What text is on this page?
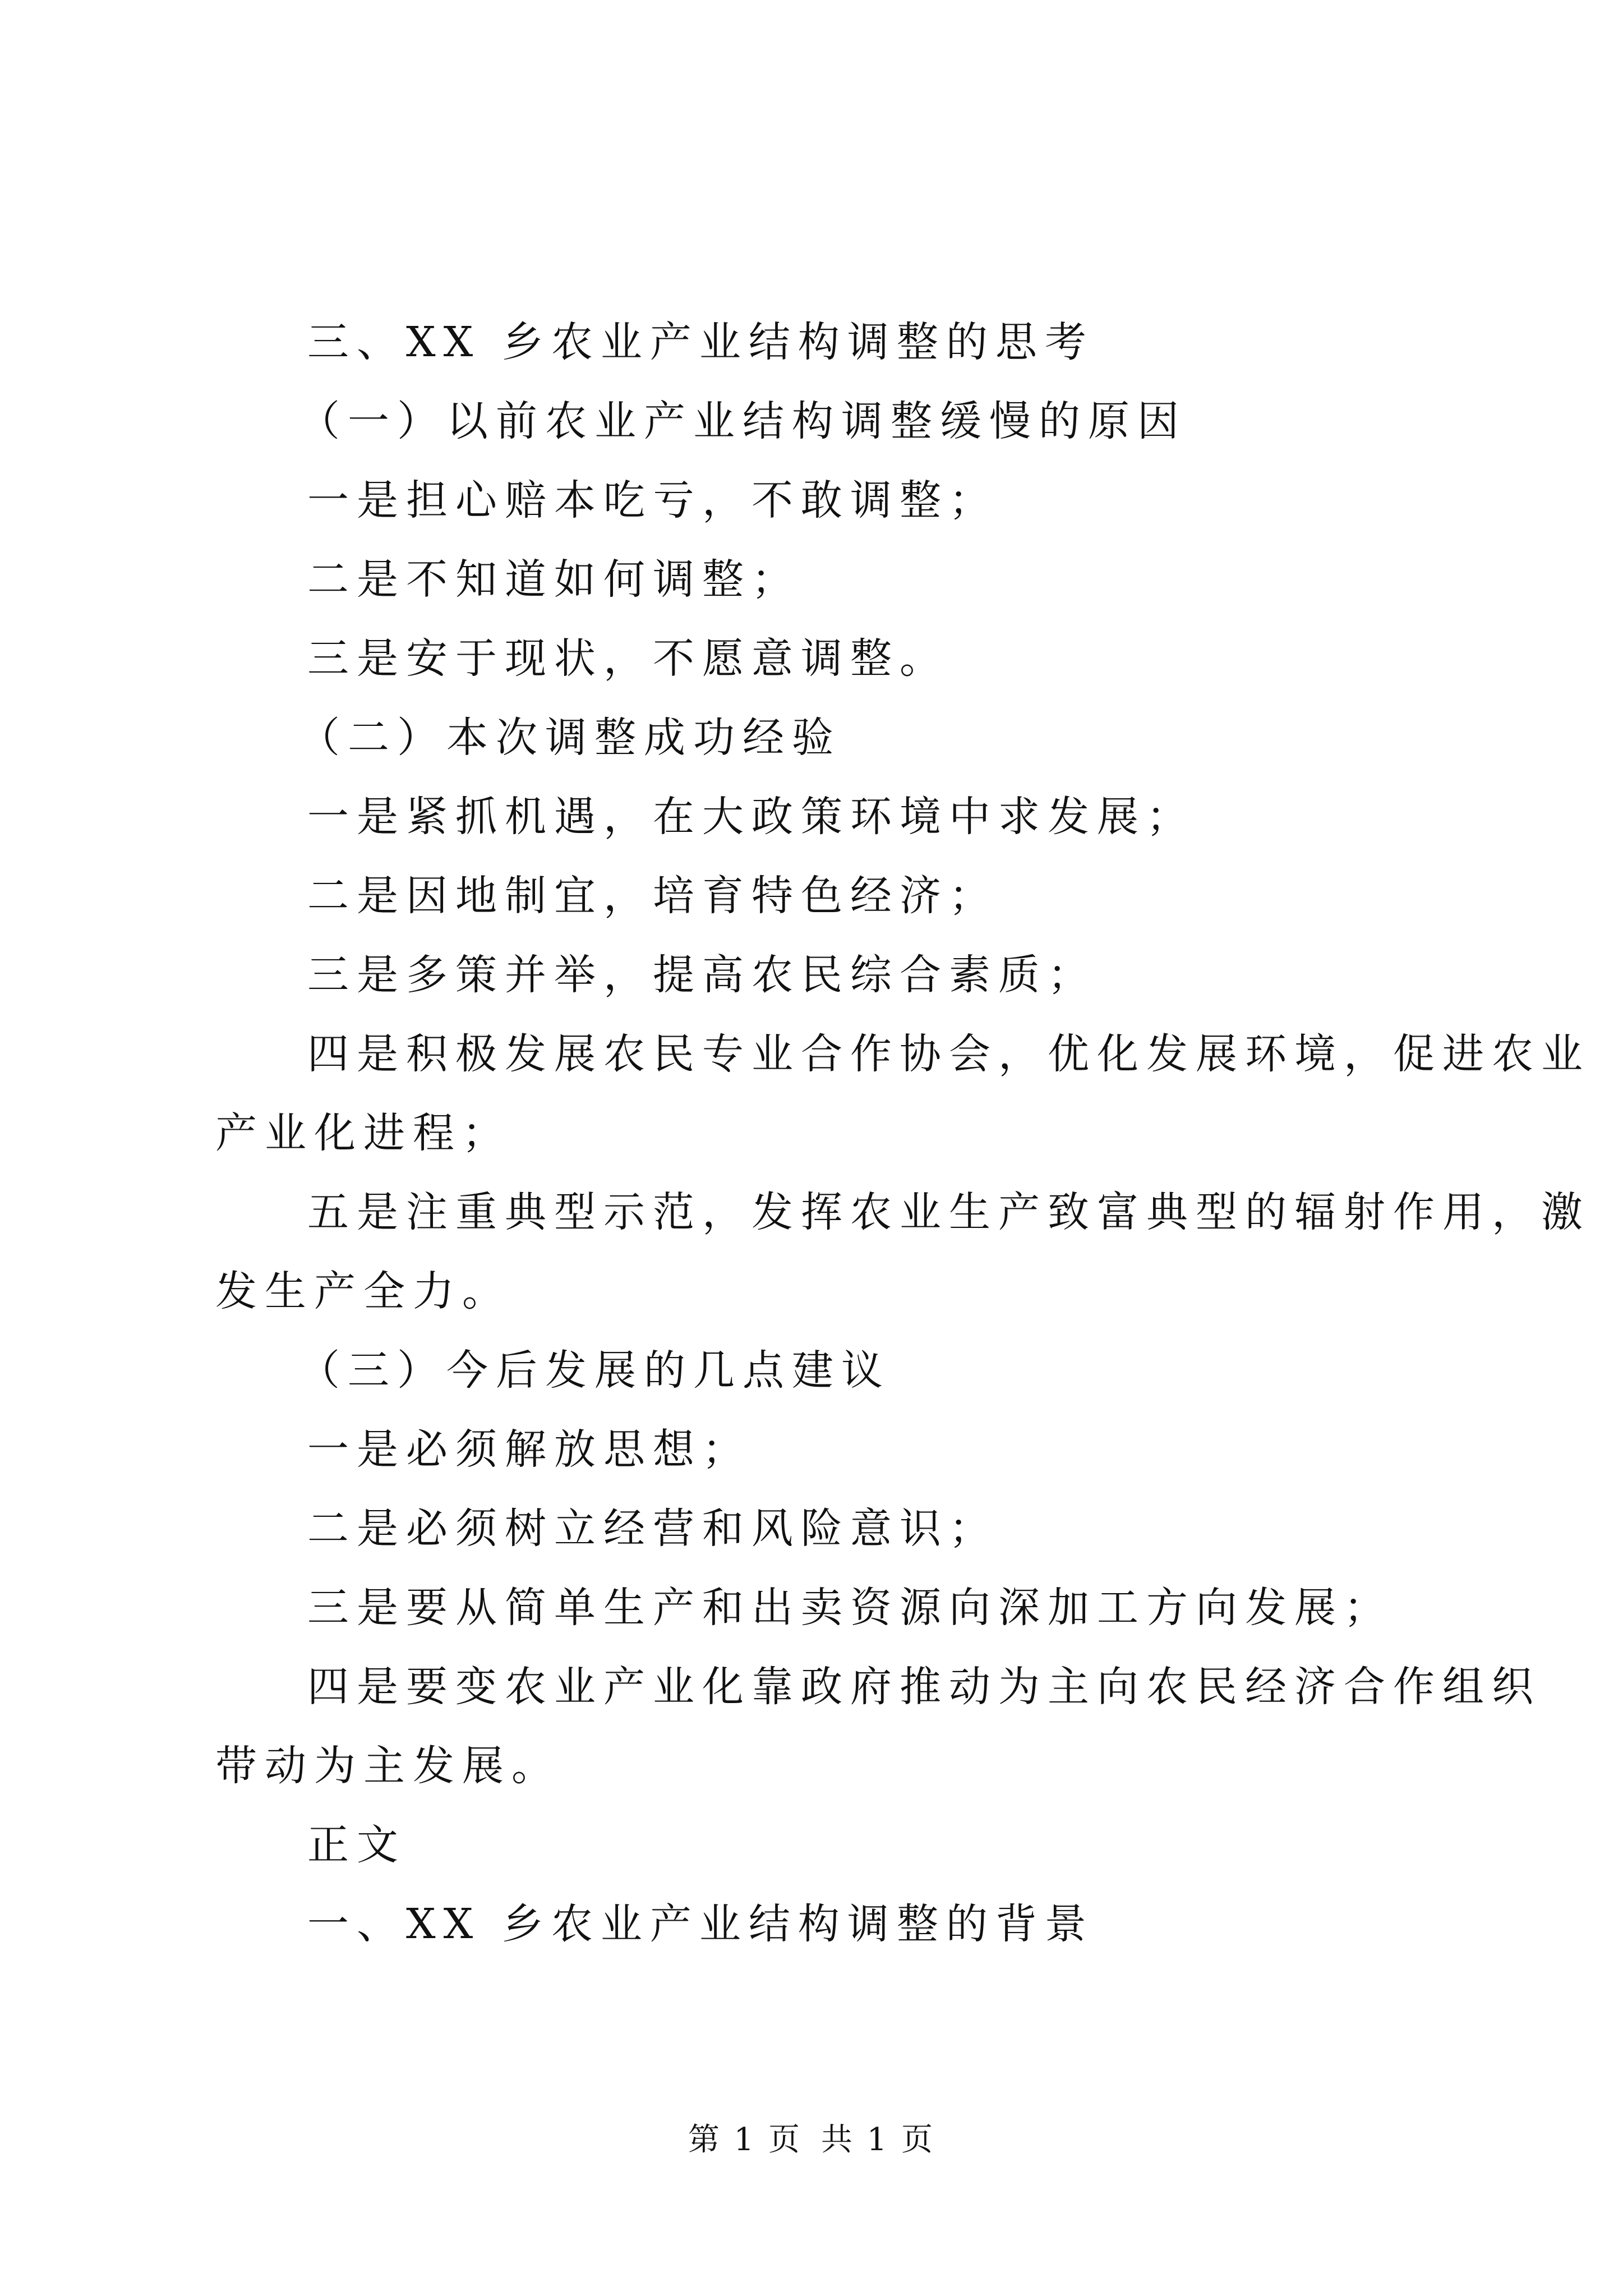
三、XX 乡农业产业结构调整的思考

（一）以前农业产业结构调整缓慢的原因

一是担心赔本吃亏，不敢调整；

二是不知道如何调整；

三是安于现状，不愿意调整。

（二）本次调整成功经验

一是紧抓机遇，在大政策环境中求发展；

二是因地制宜，培育特色经济；

三是多策并举，提高农民综合素质；

四是积极发展农民专业合作协会，优化发展环境，促进农业

产业化进程；

五是注重典型示范，发挥农业生产致富典型的辐射作用，激

发生产全力。

（三）今后发展的几点建议

一是必须解放思想；

二是必须树立经营和风险意识；

三是要从简单生产和出卖资源向深加工方向发展；

四是要变农业产业化靠政府推动为主向农民经济合作组织

带动为主发展。

正文

一、XX 乡农业产业结构调整的背景

第 1 页 共 1 页
